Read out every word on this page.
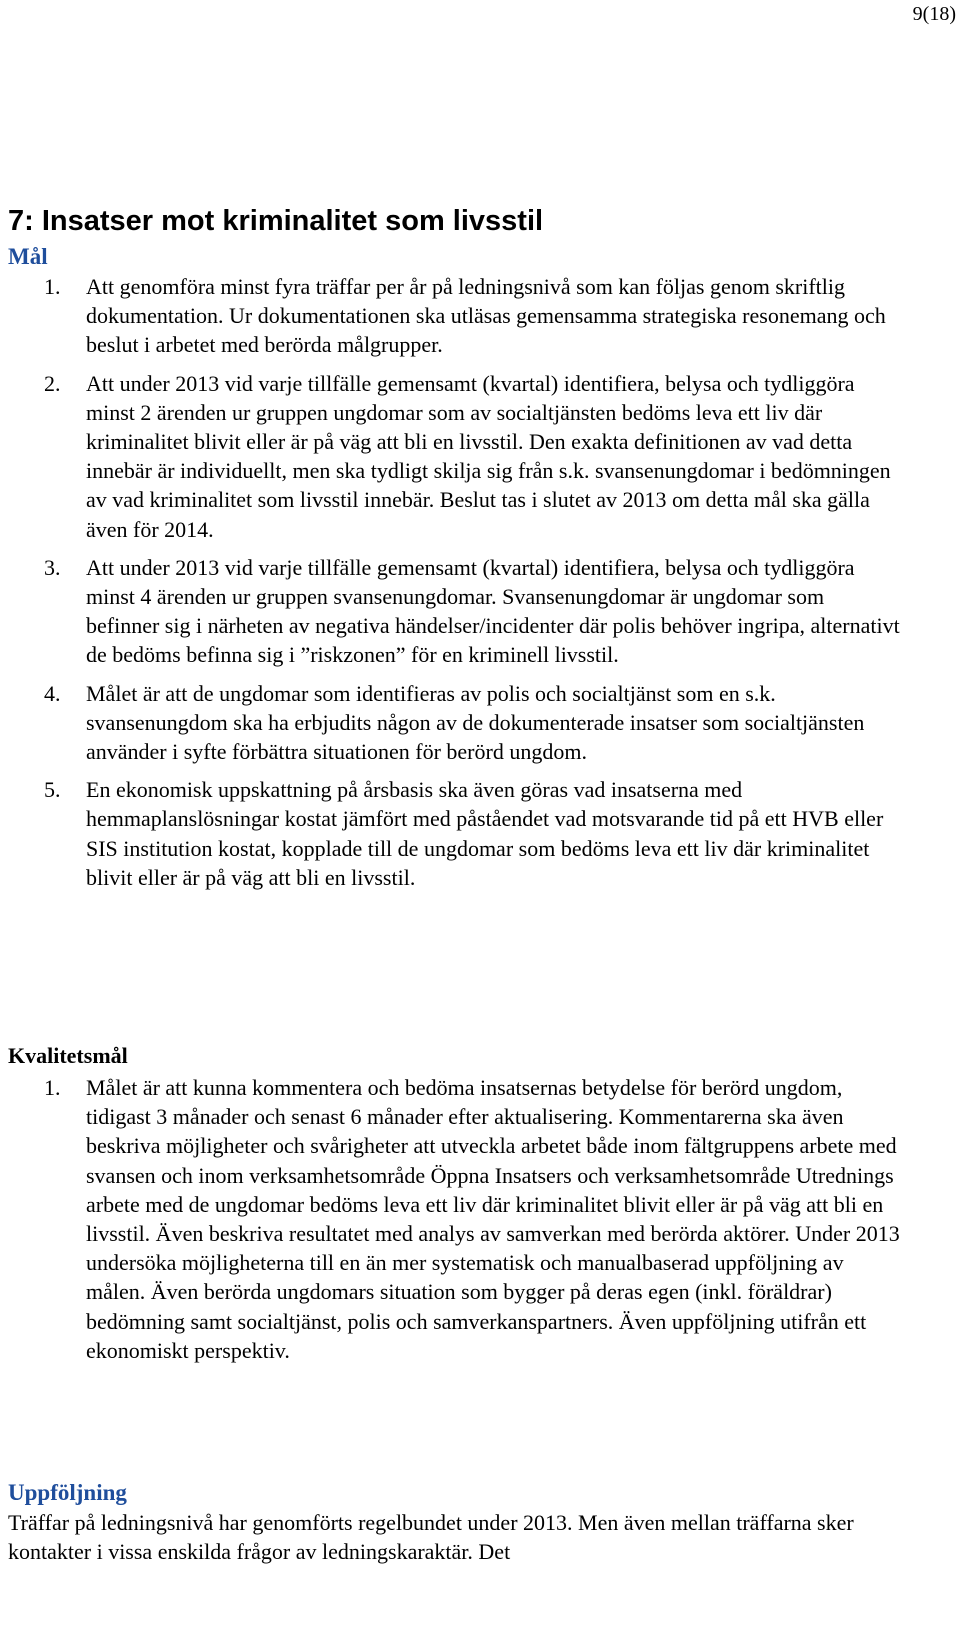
9(18)
7: Insatser mot kriminalitet som livsstil
Mål
1. Att genomföra minst fyra träffar per år på ledningsnivå som kan följas genom skriftlig dokumentation. Ur dokumentationen ska utläsas gemensamma strategiska resonemang och beslut i arbetet med berörda målgrupper.
2. Att under 2013 vid varje tillfälle gemensamt (kvartal) identifiera, belysa och tydliggöra minst 2 ärenden ur gruppen ungdomar som av socialtjänsten bedöms leva ett liv där kriminalitet blivit eller är på väg att bli en livsstil. Den exakta definitionen av vad detta innebär är individuellt, men ska tydligt skilja sig från s.k. svansenungdomar i bedömningen av vad kriminalitet som livsstil innebär. Beslut tas i slutet av 2013 om detta mål ska gälla även för 2014.
3. Att under 2013 vid varje tillfälle gemensamt (kvartal) identifiera, belysa och tydliggöra minst 4 ärenden ur gruppen svansenungdomar. Svansenungdomar är ungdomar som befinner sig i närheten av negativa händelser/incidenter där polis behöver ingripa, alternativt de bedöms befinna sig i ”riskzonen” för en kriminell livsstil.
4. Målet är att de ungdomar som identifieras av polis och socialtjänst som en s.k. svansenungdom ska ha erbjudits någon av de dokumenterade insatser som socialtjänsten använder i syfte förbättra situationen för berörd ungdom.
5. En ekonomisk uppskattning på årsbasis ska även göras vad insatserna med hemmaplanslösningar kostat jämfört med påståendet vad motsvarande tid på ett HVB eller SIS institution kostat, kopplade till de ungdomar som bedöms leva ett liv där kriminalitet blivit eller är på väg att bli en livsstil.
Kvalitetsmål
1. Målet är att kunna kommentera och bedöma insatsernas betydelse för berörd ungdom, tidigast 3 månader och senast 6 månader efter aktualisering. Kommentarerna ska även beskriva möjligheter och svårigheter att utveckla arbetet både inom fältgruppens arbete med svansen och inom verksamhetsområde Öppna Insatsers och verksamhetsområde Utrednings arbete med de ungdomar bedöms leva ett liv där kriminalitet blivit eller är på väg att bli en livsstil. Även beskriva resultatet med analys av samverkan med berörda aktörer. Under 2013 undersöka möjligheterna till en än mer systematisk och manualbaserad uppföljning av målen. Även berörda ungdomars situation som bygger på deras egen (inkl. föräldrar) bedömning samt socialtjänst, polis och samverkanspartners. Även uppföljning utifrån ett ekonomiskt perspektiv.
Uppföljning

Träffar på ledningsnivå har genomförts regelbundet under 2013. Men även mellan träffarna sker kontakter i vissa enskilda frågor av ledningskaraktär. Det
